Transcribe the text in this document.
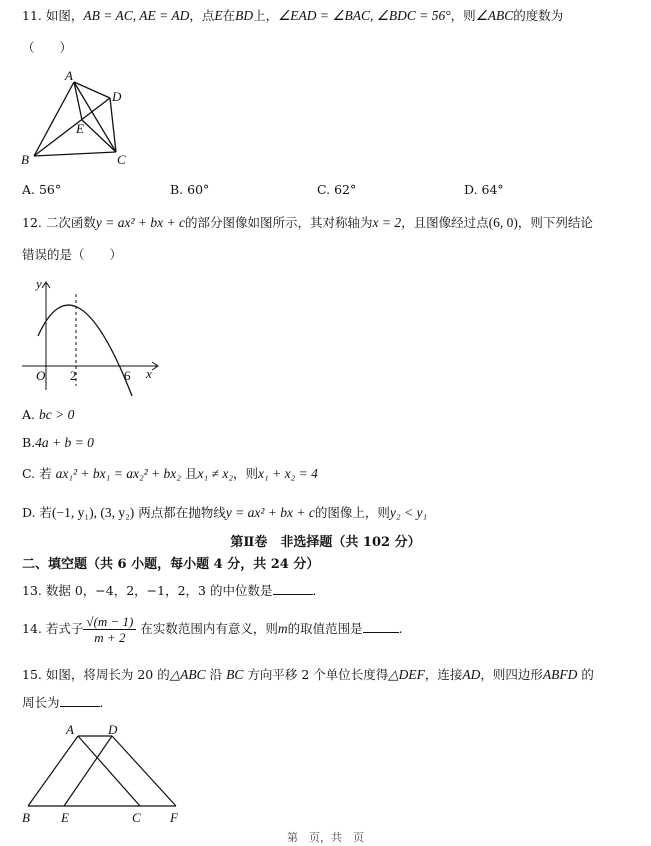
11. 如图，AB = AC, AE = AD，点E在BD上，∠EAD = ∠BAC, ∠BDC = 56°，则∠ABC的度数为
（　　）
A
D
E
B	C
A. 56°	B. 60°	C. 62°	D. 64°
12. 二次函数y = ax² + bx + c的部分图像如图所示，其对称轴为x = 2，且图像经过点(6, 0)，则下列结论
错误的是（　　）
y
x
O 2	6
A. bc > 0
B.4a + b = 0
C. 若 ax₁² + bx₁ = ax₂² + bx₂ 且x₁ ≠ x₂，则x₁ + x₂ = 4
D. 若(−1, y₁), (3, y₂) 两点都在抛物线y = ax² + bx + c的图像上，则y₂ < y₁
第Ⅱ卷　非选择题（共 102 分）
二、填空题（共 6 小题，每小题 4 分，共 24 分）
13. 数据 0，−4，2，−1，2，3 的中位数是	.
14. 若式子 $\frac{√(m - 1)}{m + 2}$ 在实数范围内有意义，则m的取值范围是	.
15. 如图，将周长为 20 的△ABC 沿 BC 方向平移 2 个单位长度得△DEF，连接AD，则四边形ABFD 的
周长为	.
A	D
B E	C F
第　页，共　页
